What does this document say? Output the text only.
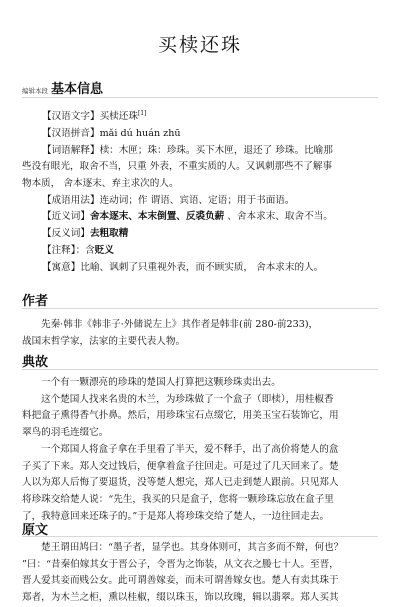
买椟还珠
编辑本段 基本信息
【汉语文字】买椟还珠[1]
【汉语拼音】mǎi dú huán zhū
【词语解释】椟：木匣；珠：珍珠。买下木匣，退还了 珍珠。比喻那
些没有眼光，取舍不当，只重 外表，不重实质的人。又讽刺那些不了解事
物本质， 舍本逐末、弃主求次的人。
【成语用法】连动词；作 谓语、宾语、定语；用于书面语。
【近义词】舍本逐末、本末倒置、反裘负薪 、舍本求末、取舍不当。
【反义词】去粗取精
【注释】：含贬义
【寓意】比喻、讽刺了只重视外表，而不顾实质， 舍本求末的人。
作者
先秦·韩非《韩非子·外储说左上》其作者是韩非(前 280-前233)，
战国末哲学家，法家的主要代表人物。
典故
一个有一颗漂亮的珍珠的楚国人打算把这颗珍珠卖出去。
这个楚国人找来名贵的木兰，为珍珠做了一个盒子（即椟），用桂椒香
料把盒子熏得香气扑鼻。然后，用珍珠宝石点缀它，用美玉宝石装饰它，用
翠鸟的羽毛连缀它。
一个郑国人将盒子拿在手里看了半天，爱不释手，出了高价将楚人的盒
子买了下来。郑人交过钱后，便拿着盒子往回走。可是过了几天回来了。楚
人以为郑人后悔了要退货，没等楚人想完，郑人已走到楚人跟前。只见郑人
将珍珠交给楚人说：“先生，我买的只是盒子，您将一颗珍珠忘放在盒子里
了，我特意回来还珠子的。”于是郑人将珍珠交给了楚人，一边往回走去。
原文
楚王谓田鸠曰：“墨子者，显学也。其身体则可，其言多而不辩，何也？
”曰：“昔秦伯嫁其女于晋公子，令晋为之饰装，从文衣之媵七十人。至晋，
晋人爱其妾而贱公女。此可谓善嫁妾，而未可谓善嫁女也。楚人有卖其珠于
郑者，为木兰之柜，熏以桂椒，缀以珠玉，饰以玫瑰，辑以翡翠。郑人买其
